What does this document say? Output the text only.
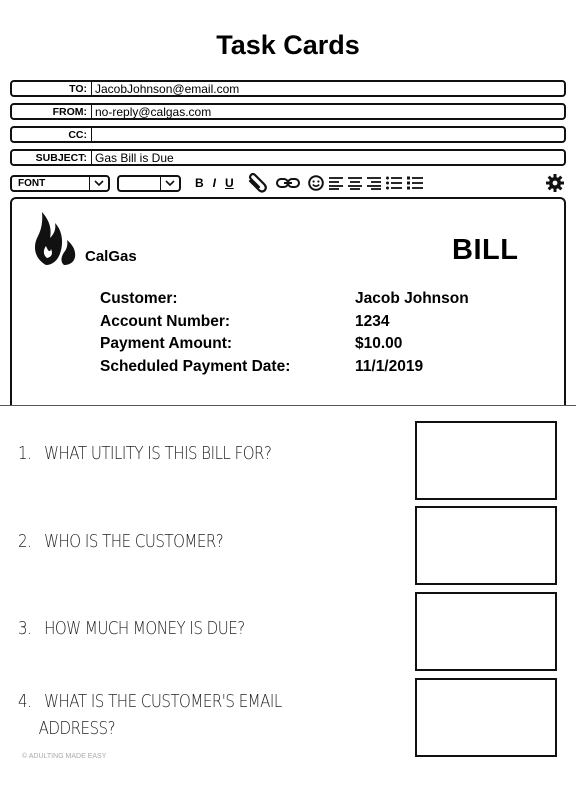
Task Cards
TO: JacobJohnson@email.com
FROM: no-reply@calgas.com
CC:
SUBJECT: Gas Bill is Due
FONT	B I U
CalGas	BILL
Customer:
Account Number:
Payment Amount:
Scheduled Payment Date:
Jacob Johnson
1234
$10.00
11/1/2019
1. WHAT UTILITY IS THIS BILL FOR?
2. WHO IS THE CUSTOMER?
3. HOW MUCH MONEY IS DUE?
4. WHAT IS THE CUSTOMER'S EMAIL
ADDRESS?
© ADULTING MADE EASY
